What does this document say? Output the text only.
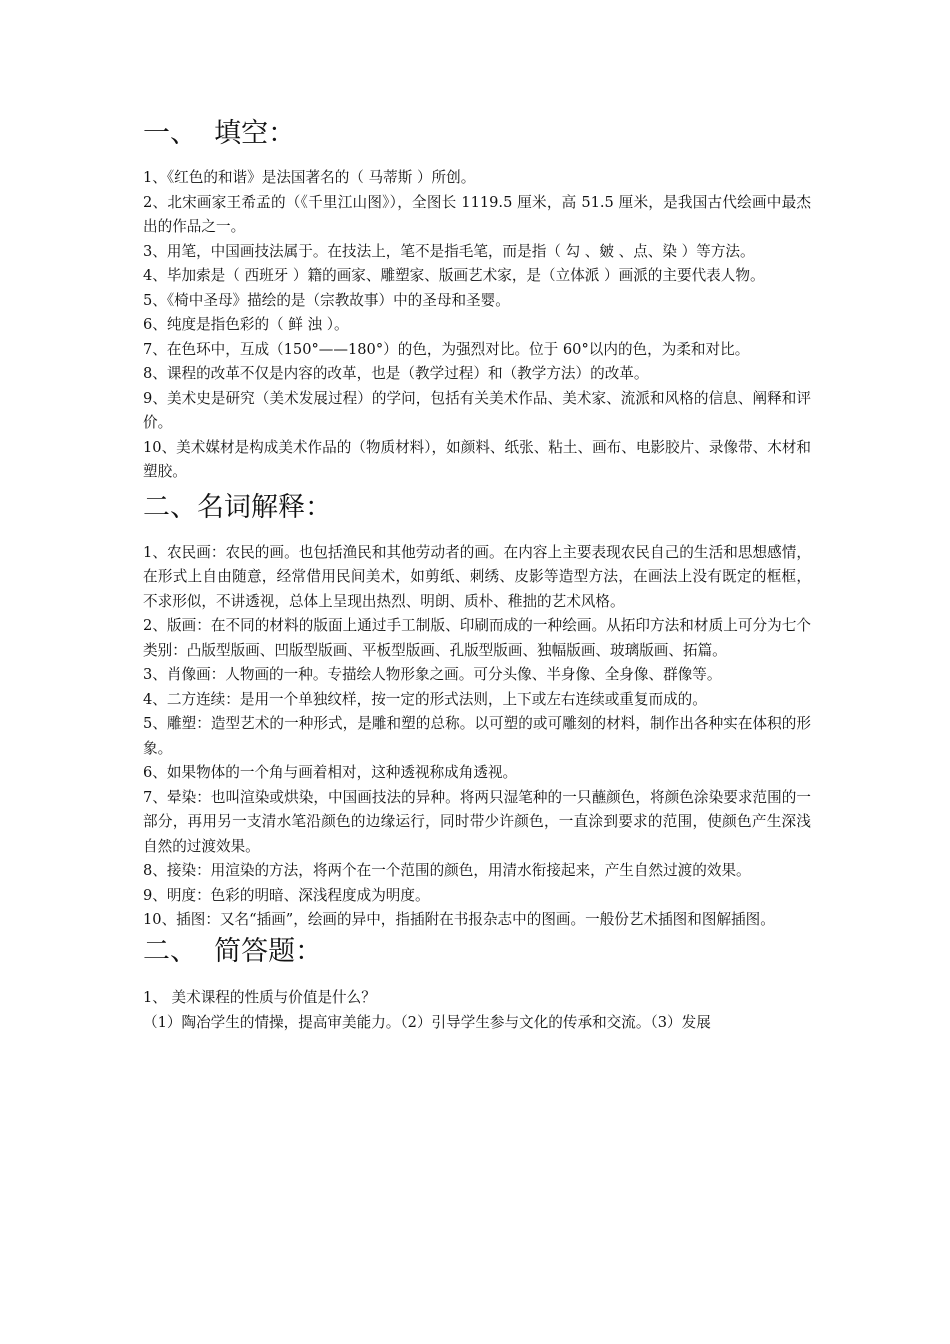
一、  填空：

1、《红色的和谐》是法国著名的（ 马蒂斯 ）所创。

2、北宋画家王希孟的（《千里江山图》），全图长 1119.5 厘米，高 51.5 厘米，是我国古代绘画中最杰出的作品之一。

3、用笔，中国画技法属于。在技法上，笔不是指毛笔，而是指（ 勾 、皴 、点、染 ）等方法。

4、毕加索是（ 西班牙 ）籍的画家、雕塑家、版画艺术家，是（立体派 ）画派的主要代表人物。

5、《椅中圣母》描绘的是（宗教故事）中的圣母和圣婴。

6、纯度是指色彩的（ 鲜 浊 ）。

7、在色环中，互成（150°——180°）的色，为强烈对比。位于 60°以内的色，为柔和对比。

8、课程的改革不仅是内容的改革，也是（教学过程）和（教学方法）的改革。

9、美术史是研究（美术发展过程）的学问，包括有关美术作品、美术家、流派和风格的信息、阐释和评价。

10、美术媒材是构成美术作品的（物质材料），如颜料、纸张、粘土、画布、电影胶片、录像带、木材和塑胶。

二、名词解释：

1、农民画：农民的画。也包括渔民和其他劳动者的画。在内容上主要表现农民自己的生活和思想感情，在形式上自由随意，经常借用民间美术，如剪纸、刺绣、皮影等造型方法，在画法上没有既定的框框，不求形似，不讲透视，总体上呈现出热烈、明朗、质朴、稚拙的艺术风格。

2、版画：在不同的材料的版面上通过手工制版、印刷而成的一种绘画。从拓印方法和材质上可分为七个类别：凸版型版画、凹版型版画、平板型版画、孔版型版画、独幅版画、玻璃版画、拓篇。

3、肖像画：人物画的一种。专描绘人物形象之画。可分头像、半身像、全身像、群像等。

4、二方连续：是用一个单独纹样，按一定的形式法则，上下或左右连续或重复而成的。

5、雕塑：造型艺术的一种形式，是雕和塑的总称。以可塑的或可雕刻的材料，制作出各种实在体积的形象。

6、如果物体的一个角与画着相对，这种透视称成角透视。

7、晕染：也叫渲染或烘染，中国画技法的异种。将两只湿笔种的一只蘸颜色，将颜色涂染要求范围的一部分，再用另一支清水笔沿颜色的边缘运行，同时带少许颜色，一直涂到要求的范围，使颜色产生深浅自然的过渡效果。

8、接染：用渲染的方法，将两个在一个范围的颜色，用清水衔接起来，产生自然过渡的效果。

9、明度：色彩的明暗、深浅程度成为明度。

10、插图：又名“插画”，绘画的异中，指插附在书报杂志中的图画。一般份艺术插图和图解插图。

二、  简答题：

1、 美术课程的性质与价值是什么？

（1）陶冶学生的情操，提高审美能力。（2）引导学生参与文化的传承和交流。（3）发展
